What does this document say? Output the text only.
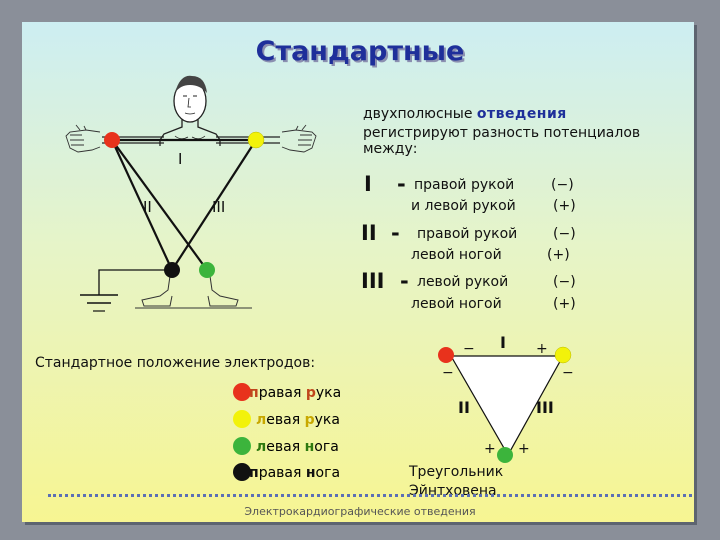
Стандартные
I
II	III
двухполюсные отведения
регистрируют разность потенциалов
между:
I - правой рукой	(−)
и левой рукой	(+)
II - правой рукой	(−)
левой ногой	(+)
III - левой рукой	(−)
левой ногой	(+)
Стандартное положение электродов:
правая рука
левая рука
левая нога
правая нога
I
II	III
−	+
−	−
+ +
Треугольник
Эйнтховена
Электрокардиографические отведения
